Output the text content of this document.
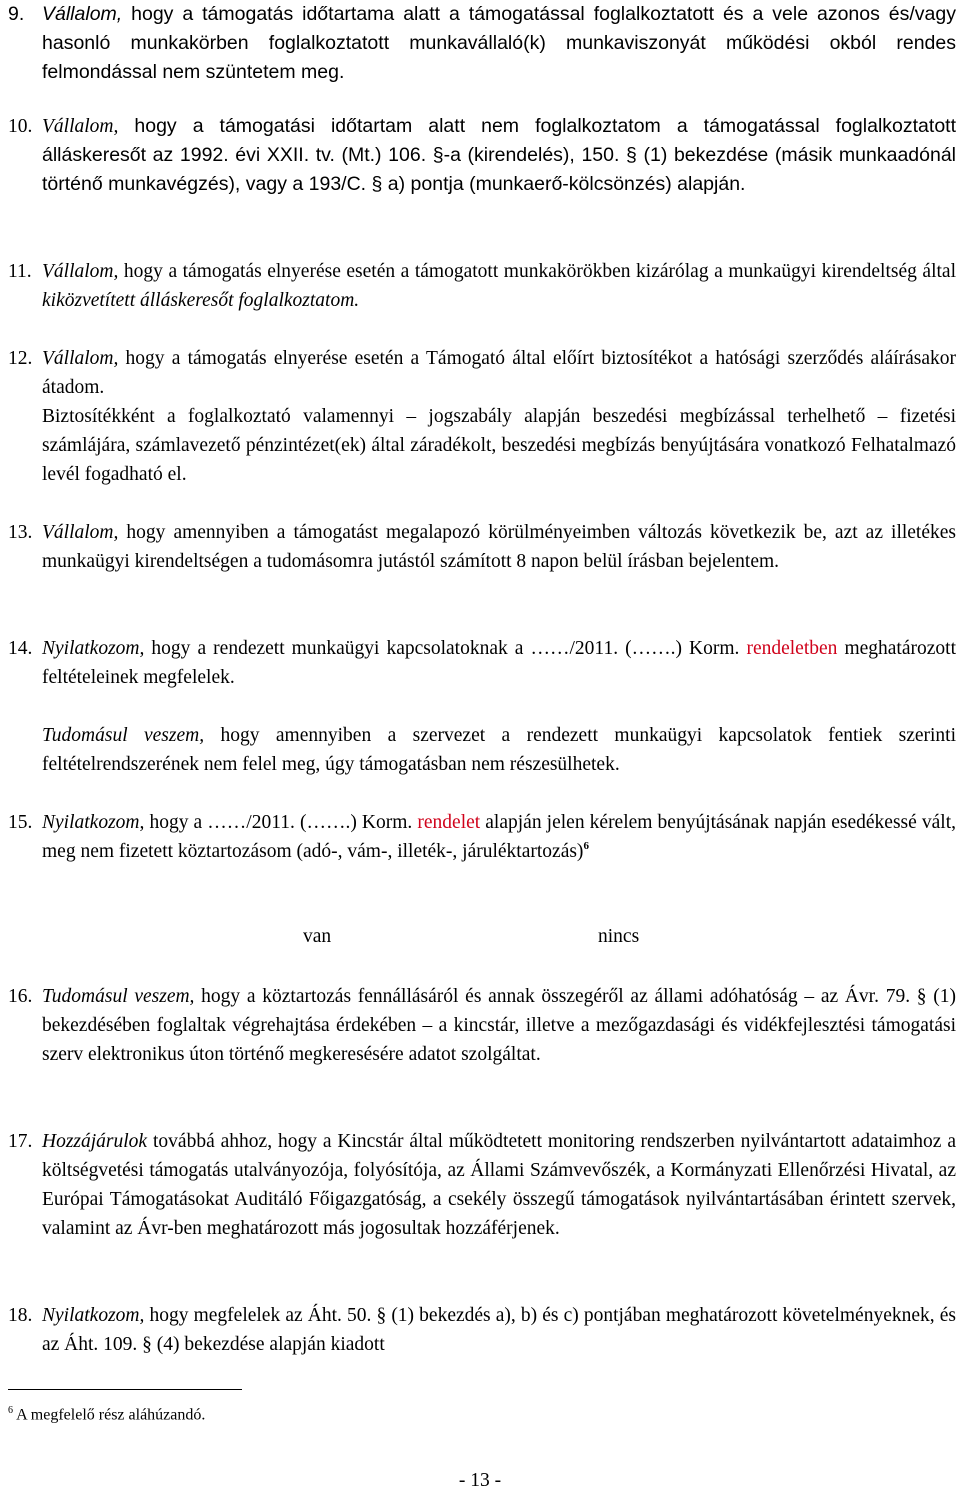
9. Vállalom, hogy a támogatás időtartama alatt a támogatással foglalkoztatott és a vele azonos és/vagy hasonló munkakörben foglalkoztatott munkavállaló(k) munkaviszonyát működési okból rendes felmondással nem szüntetem meg.
10. Vállalom, hogy a támogatási időtartam alatt nem foglalkoztatom a támogatással foglalkoztatott álláskeresőt az 1992. évi XXII. tv. (Mt.) 106. §-a (kirendelés), 150. § (1) bekezdése (másik munkaadónál történő munkavégzés), vagy a 193/C. § a) pontja (munkaerő-kölcsönzés) alapján.
11. Vállalom, hogy a támogatás elnyerése esetén a támogatott munkakörökben kizárólag a munkaügyi kirendeltség által kiközvetített álláskeresőt foglalkoztatom.
12. Vállalom, hogy a támogatás elnyerése esetén a Támogató által előírt biztosítékot a hatósági szerződés aláírásakor átadom.
Biztosítékként a foglalkoztató valamennyi – jogszabály alapján beszedési megbízással terhelhető – fizetési számlájára, számlavezető pénzintézet(ek) által záradékolt, beszedési megbízás benyújtására vonatkozó Felhatalmazó levél fogadható el.
13. Vállalom, hogy amennyiben a támogatást megalapozó körülményeimben változás következik be, azt az illetékes munkaügyi kirendeltségen a tudomásomra jutástól számított 8 napon belül írásban bejelentem.
14. Nyilatkozom, hogy a rendezett munkaügyi kapcsolatoknak a ……/2011. (…….) Korm. rendeletben meghatározott feltételeinek megfelelek.
Tudomásul veszem, hogy amennyiben a szervezet a rendezett munkaügyi kapcsolatok fentiek szerinti feltételrendszerének nem felel meg, úgy támogatásban nem részesülhetek.
15. Nyilatkozom, hogy a ……/2011. (…….) Korm. rendelet alapján jelen kérelem benyújtásának napján esedékessé vált, meg nem fizetett köztartozásom (adó-, vám-, illeték-, járuléktartozás)$^6$
van	nincs
16. Tudomásul veszem, hogy a köztartozás fennállásáról és annak összegéről az állami adóhatóság – az Ávr. 79. § (1) bekezdésében foglaltak végrehajtása érdekében – a kincstár, illetve a mezőgazdasági és vidékfejlesztési támogatási szerv elektronikus úton történő megkeresésére adatot szolgáltat.
17. Hozzájárulok továbbá ahhoz, hogy a Kincstár által működtetett monitoring rendszerben nyilvántartott adataimhoz a költségvetési támogatás utalványozója, folyósítója, az Állami Számvevőszék, a Kormányzati Ellenőrzési Hivatal, az Európai Támogatásokat Auditáló Főigazgatóság, a csekély összegű támogatások nyilvántartásában érintett szervek, valamint az Ávr-ben meghatározott más jogosultak hozzáférjenek.
18. Nyilatkozom, hogy megfelelek az Áht. 50. § (1) bekezdés a), b) és c) pontjában meghatározott követelményeknek, és az Áht. 109. § (4) bekezdése alapján kiadott
$^6$ A megfelelő rész aláhúzandó.
- 13 -
